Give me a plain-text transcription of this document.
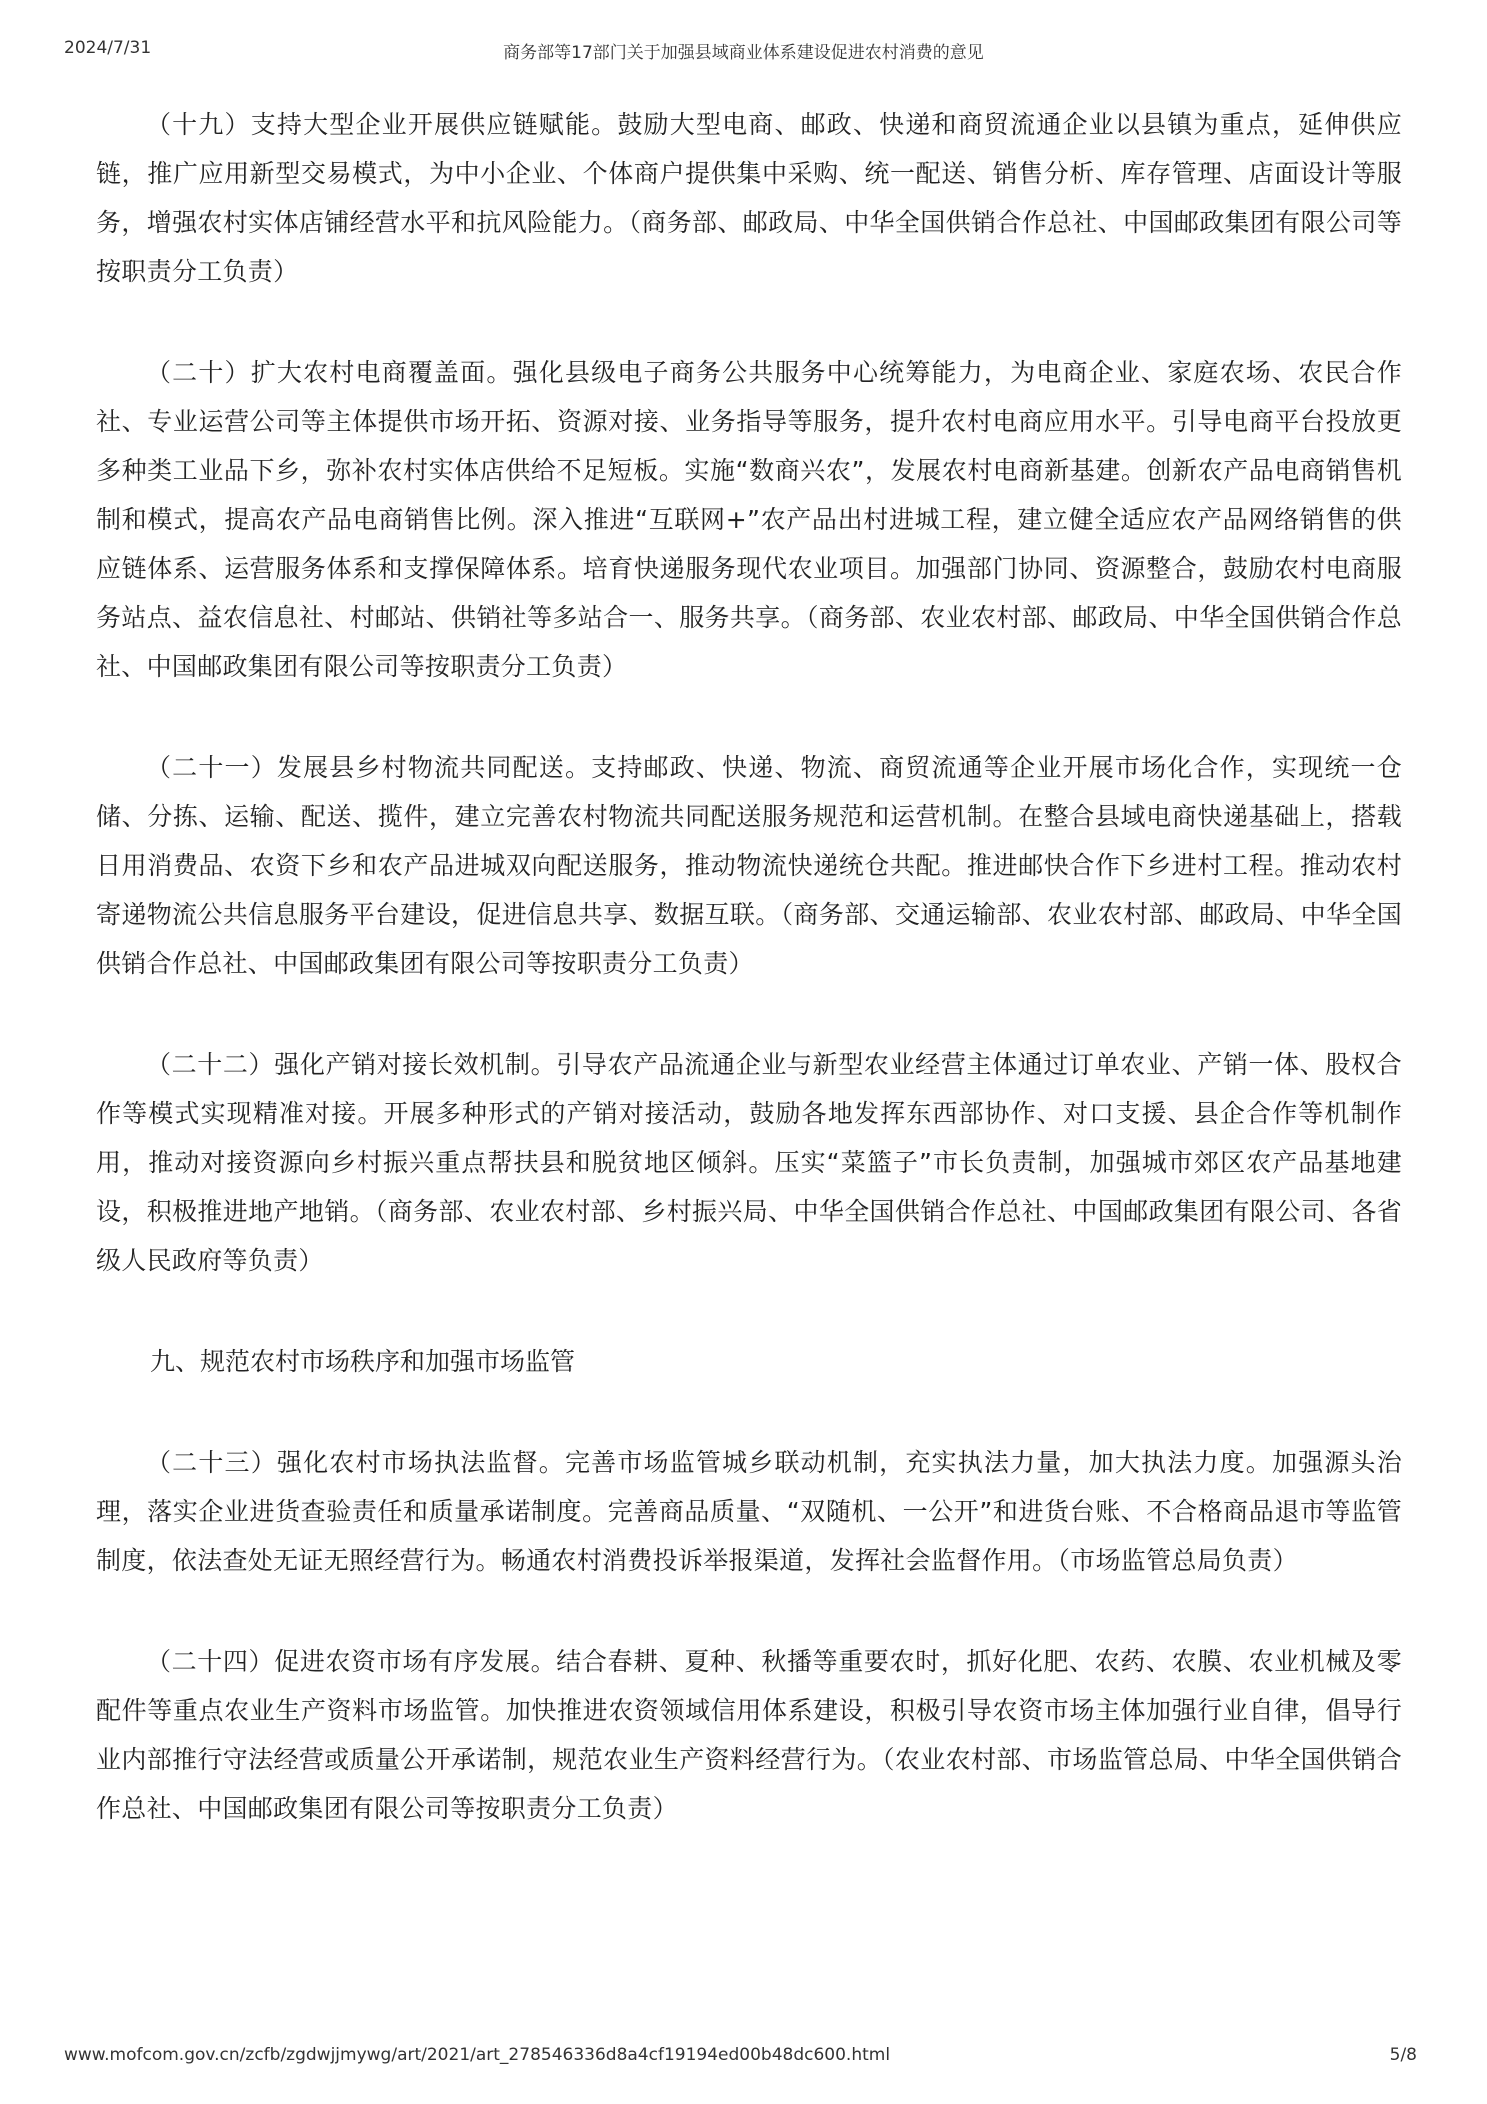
2024/7/31	商务部等17部门关于加强县域商业体系建设促进农村消费的意见

（十九）支持大型企业开展供应链赋能。鼓励大型电商、邮政、快递和商贸流通企业以县镇为重点，延伸供应链，推广应用新型交易模式，为中小企业、个体商户提供集中采购、统一配送、销售分析、库存管理、店面设计等服务，增强农村实体店铺经营水平和抗风险能力。（商务部、邮政局、中华全国供销合作总社、中国邮政集团有限公司等按职责分工负责）

（二十）扩大农村电商覆盖面。强化县级电子商务公共服务中心统筹能力，为电商企业、家庭农场、农民合作社、专业运营公司等主体提供市场开拓、资源对接、业务指导等服务，提升农村电商应用水平。引导电商平台投放更多种类工业品下乡，弥补农村实体店供给不足短板。实施“数商兴农”，发展农村电商新基建。创新农产品电商销售机制和模式，提高农产品电商销售比例。深入推进“互联网+”农产品出村进城工程，建立健全适应农产品网络销售的供应链体系、运营服务体系和支撑保障体系。培育快递服务现代农业项目。加强部门协同、资源整合，鼓励农村电商服务站点、益农信息社、村邮站、供销社等多站合一、服务共享。（商务部、农业农村部、邮政局、中华全国供销合作总社、中国邮政集团有限公司等按职责分工负责）

（二十一）发展县乡村物流共同配送。支持邮政、快递、物流、商贸流通等企业开展市场化合作，实现统一仓储、分拣、运输、配送、揽件，建立完善农村物流共同配送服务规范和运营机制。在整合县域电商快递基础上，搭载日用消费品、农资下乡和农产品进城双向配送服务，推动物流快递统仓共配。推进邮快合作下乡进村工程。推动农村寄递物流公共信息服务平台建设，促进信息共享、数据互联。（商务部、交通运输部、农业农村部、邮政局、中华全国供销合作总社、中国邮政集团有限公司等按职责分工负责）

（二十二）强化产销对接长效机制。引导农产品流通企业与新型农业经营主体通过订单农业、产销一体、股权合作等模式实现精准对接。开展多种形式的产销对接活动，鼓励各地发挥东西部协作、对口支援、县企合作等机制作用，推动对接资源向乡村振兴重点帮扶县和脱贫地区倾斜。压实“菜篮子”市长负责制，加强城市郊区农产品基地建设，积极推进地产地销。（商务部、农业农村部、乡村振兴局、中华全国供销合作总社、中国邮政集团有限公司、各省级人民政府等负责）

九、规范农村市场秩序和加强市场监管

（二十三）强化农村市场执法监督。完善市场监管城乡联动机制，充实执法力量，加大执法力度。加强源头治理，落实企业进货查验责任和质量承诺制度。完善商品质量、“双随机、一公开”和进货台账、不合格商品退市等监管制度，依法查处无证无照经营行为。畅通农村消费投诉举报渠道，发挥社会监督作用。（市场监管总局负责）

（二十四）促进农资市场有序发展。结合春耕、夏种、秋播等重要农时，抓好化肥、农药、农膜、农业机械及零配件等重点农业生产资料市场监管。加快推进农资领域信用体系建设，积极引导农资市场主体加强行业自律，倡导行业内部推行守法经营或质量公开承诺制，规范农业生产资料经营行为。（农业农村部、市场监管总局、中华全国供销合作总社、中国邮政集团有限公司等按职责分工负责）

www.mofcom.gov.cn/zcfb/zgdwjjmywg/art/2021/art_278546336d8a4cf19194ed00b48dc600.html	5/8
